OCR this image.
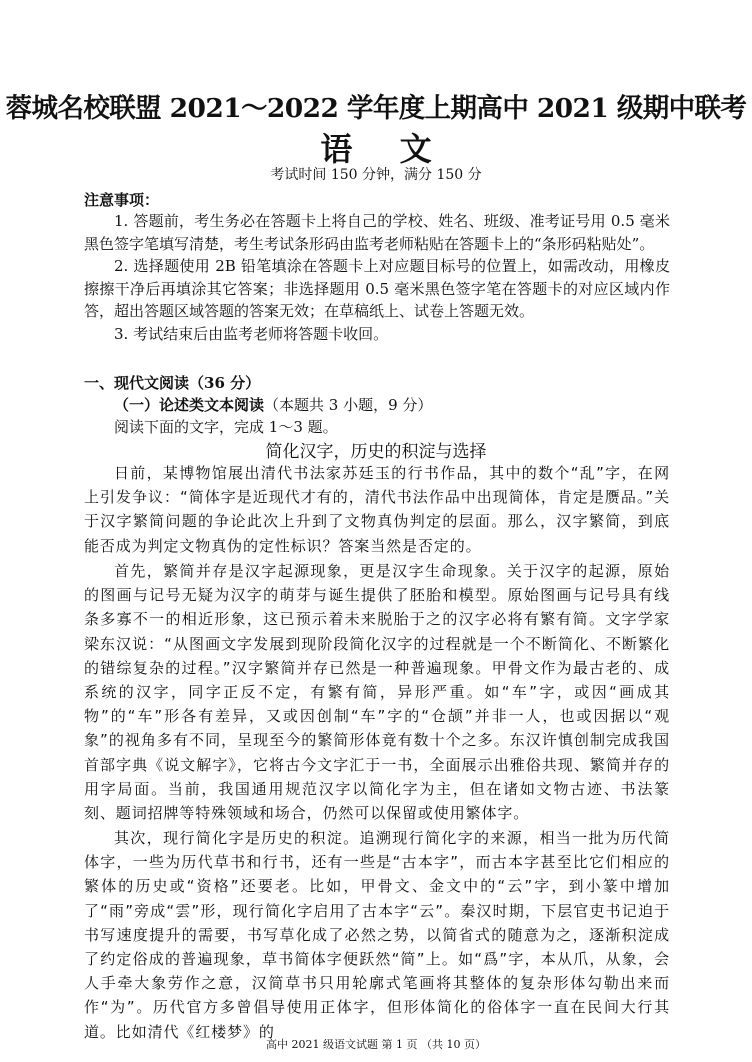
蓉城名校联盟 2021～2022 学年度上期高中 2021 级期中联考
语 文
考试时间 150 分钟，满分 150 分
注意事项：

1. 答题前，考生务必在答题卡上将自己的学校、姓名、班级、准考证号用 0.5 毫米黑色签字笔填写清楚，考生考试条形码由监考老师粘贴在答题卡上的“条形码粘贴处”。

2. 选择题使用 2B 铅笔填涂在答题卡上对应题目标号的位置上，如需改动，用橡皮擦擦干净后再填涂其它答案；非选择题用 0.5 毫米黑色签字笔在答题卡的对应区域内作答，超出答题区域答题的答案无效；在草稿纸上、试卷上答题无效。

3. 考试结束后由监考老师将答题卡收回。

一、现代文阅读（36 分）
（一）论述类文本阅读（本题共 3 小题，9 分）
阅读下面的文字，完成 1～3 题。
简化汉字，历史的积淀与选择

日前，某博物馆展出清代书法家苏廷玉的行书作品，其中的数个“乱”字，在网上引发争议：“简体字是近现代才有的，清代书法作品中出现简体，肯定是赝品。”关于汉字繁简问题的争论此次上升到了文物真伪判定的层面。那么，汉字繁简，到底能否成为判定文物真伪的定性标识？答案当然是否定的。

首先，繁简并存是汉字起源现象，更是汉字生命现象。关于汉字的起源，原始的图画与记号无疑为汉字的萌芽与诞生提供了胚胎和模型。原始图画与记号具有线条多寡不一的相近形象，这已预示着未来脱胎于之的汉字必将有繁有简。文字学家梁东汉说：“从图画文字发展到现阶段简化汉字的过程就是一个不断简化、不断繁化的错综复杂的过程。”汉字繁简并存已然是一种普遍现象。甲骨文作为最古老的、成系统的汉字，同字正反不定，有繁有简，异形严重。如“车”字，或因“画成其物”的“车”形各有差异，又或因创制“车”字的“仓颉”并非一人，也或因据以“观象”的视角多有不同，呈现至今的繁简形体竟有数十个之多。东汉许慎创制完成我国首部字典《说文解字》，它将古今文字汇于一书，全面展示出雅俗共现、繁简并存的用字局面。当前，我国通用规范汉字以简化字为主，但在诸如文物古迹、书法篆刻、题词招牌等特殊领域和场合，仍然可以保留或使用繁体字。

其次，现行简化字是历史的积淀。追溯现行简化字的来源，相当一批为历代简体字，一些为历代草书和行书，还有一些是“古本字”，而古本字甚至比它们相应的繁体的历史或“资格”还要老。比如，甲骨文、金文中的“云”字，到小篆中增加了“雨”旁成“雲”形，现行简化字启用了古本字“云”。秦汉时期，下层官吏书记迫于书写速度提升的需要，书写草化成了必然之势，以简省式的随意为之，逐渐积淀成了约定俗成的普遍现象，草书简体字便跃然“简”上。如“爲”字，本从爪，从象，会人手牵大象劳作之意，汉简草书只用轮廓式笔画将其整体的复杂形体勾勒出来而作“为”。历代官方多曾倡导使用正体字，但形体简化的俗体字一直在民间大行其道。比如清代《红楼梦》的

高中 2021 级语文试题 第 1 页 （共 10 页）
